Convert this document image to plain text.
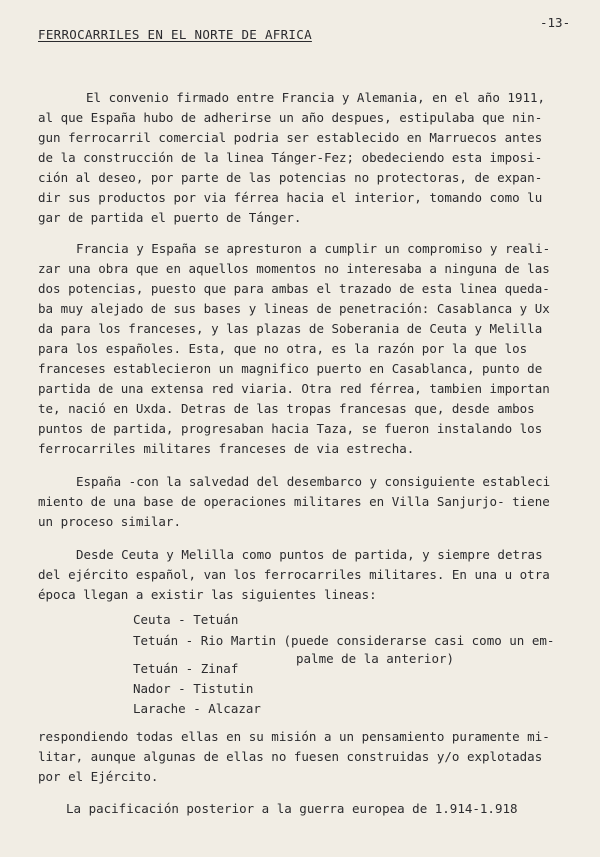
FERROCARRILES EN EL NORTE DE AFRICA
-13-
El convenio firmado entre Francia y Alemania, en el año 1911,
al que España hubo de adherirse un año despues, estipulaba que nin-
gun ferrocarril comercial podria ser establecido en Marruecos antes
de la construcción de la linea Tánger-Fez; obedeciendo esta imposi-
ción al deseo, por parte de las potencias no protectoras, de expan-
dir sus productos por via férrea hacia el interior, tomando como lu
gar de partida el puerto de Tánger.
Francia y España se apresturon a cumplir un compromiso y reali-
zar una obra que en aquellos momentos no interesaba a ninguna de las
dos potencias, puesto que para ambas el trazado de esta linea queda-
ba muy alejado de sus bases y lineas de penetración: Casablanca y Ux
da para los franceses, y las plazas de Soberania de Ceuta y Melilla
para los españoles. Esta, que no otra, es la razón por la que los
franceses establecieron un magnifico puerto en Casablanca, punto de
partida de una extensa red viaria. Otra red férrea, tambien importan
te, nació en Uxda. Detras de las tropas francesas que, desde ambos
puntos de partida, progresaban hacia Taza, se fueron instalando los
ferrocarriles militares franceses de via estrecha.
España -con la salvedad del desembarco y consiguiente estableci
miento de una base de operaciones militares en Villa Sanjurjo- tiene
un proceso similar.
Desde Ceuta y Melilla como puntos de partida, y siempre detras
del ejército español, van los ferrocarriles militares. En una u otra
época llegan a existir las siguientes lineas:
Ceuta - Tetuán
Tetuán - Rio Martin (puede considerarse casi como un em-
palme de la anterior)
Tetuán - Zinaf
Nador - Tistutin
Larache - Alcazar
respondiendo todas ellas en su misión a un pensamiento puramente mi-
litar, aunque algunas de ellas no fuesen construidas y/o explotadas
por el Ejército.
La pacificación posterior a la guerra europea de 1.914-1.918
